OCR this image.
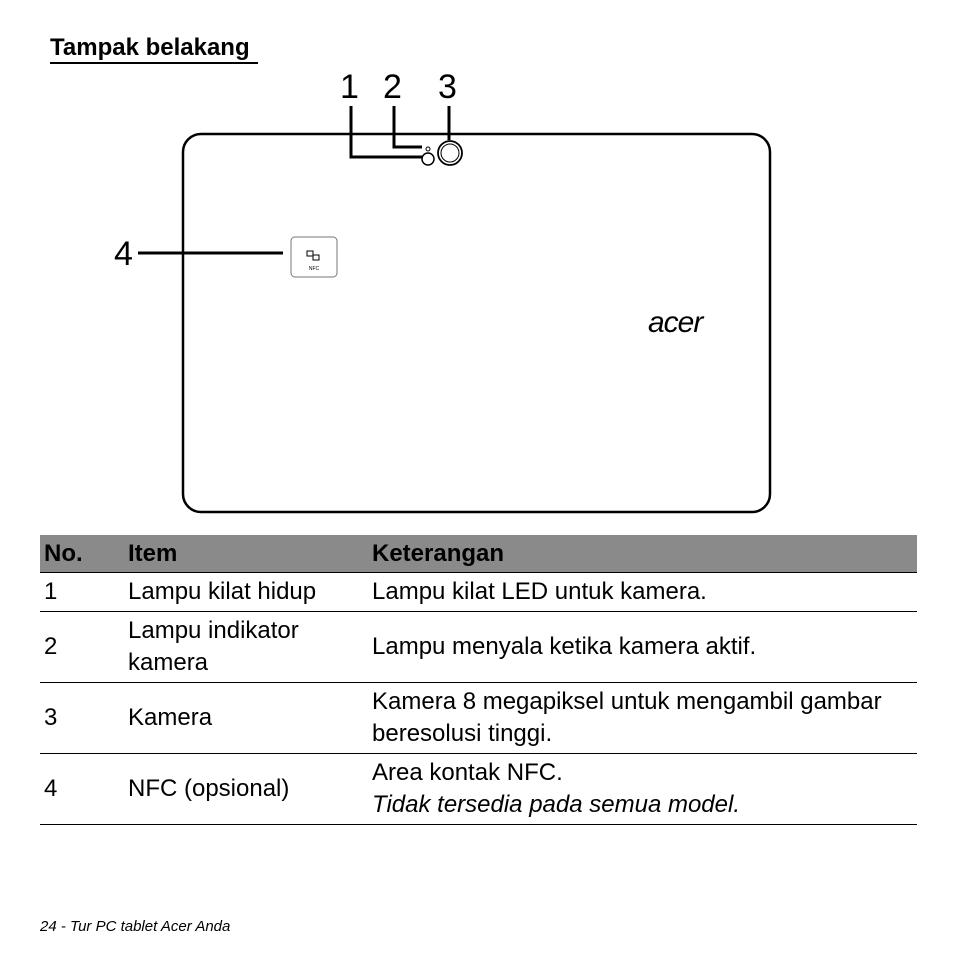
Tampak belakang
1 2 3
4	NFC
acer
No.	Item	Keterangan
1	Lampu kilat hidup	Lampu kilat LED untuk kamera.
2	Lampu indikator kamera	Lampu menyala ketika kamera aktif.
3	Kamera	Kamera 8 megapiksel untuk mengambil gambar beresolusi tinggi.
4	NFC (opsional)	Area kontak NFC.
Tidak tersedia pada semua model.
24 - Tur PC tablet Acer Anda
